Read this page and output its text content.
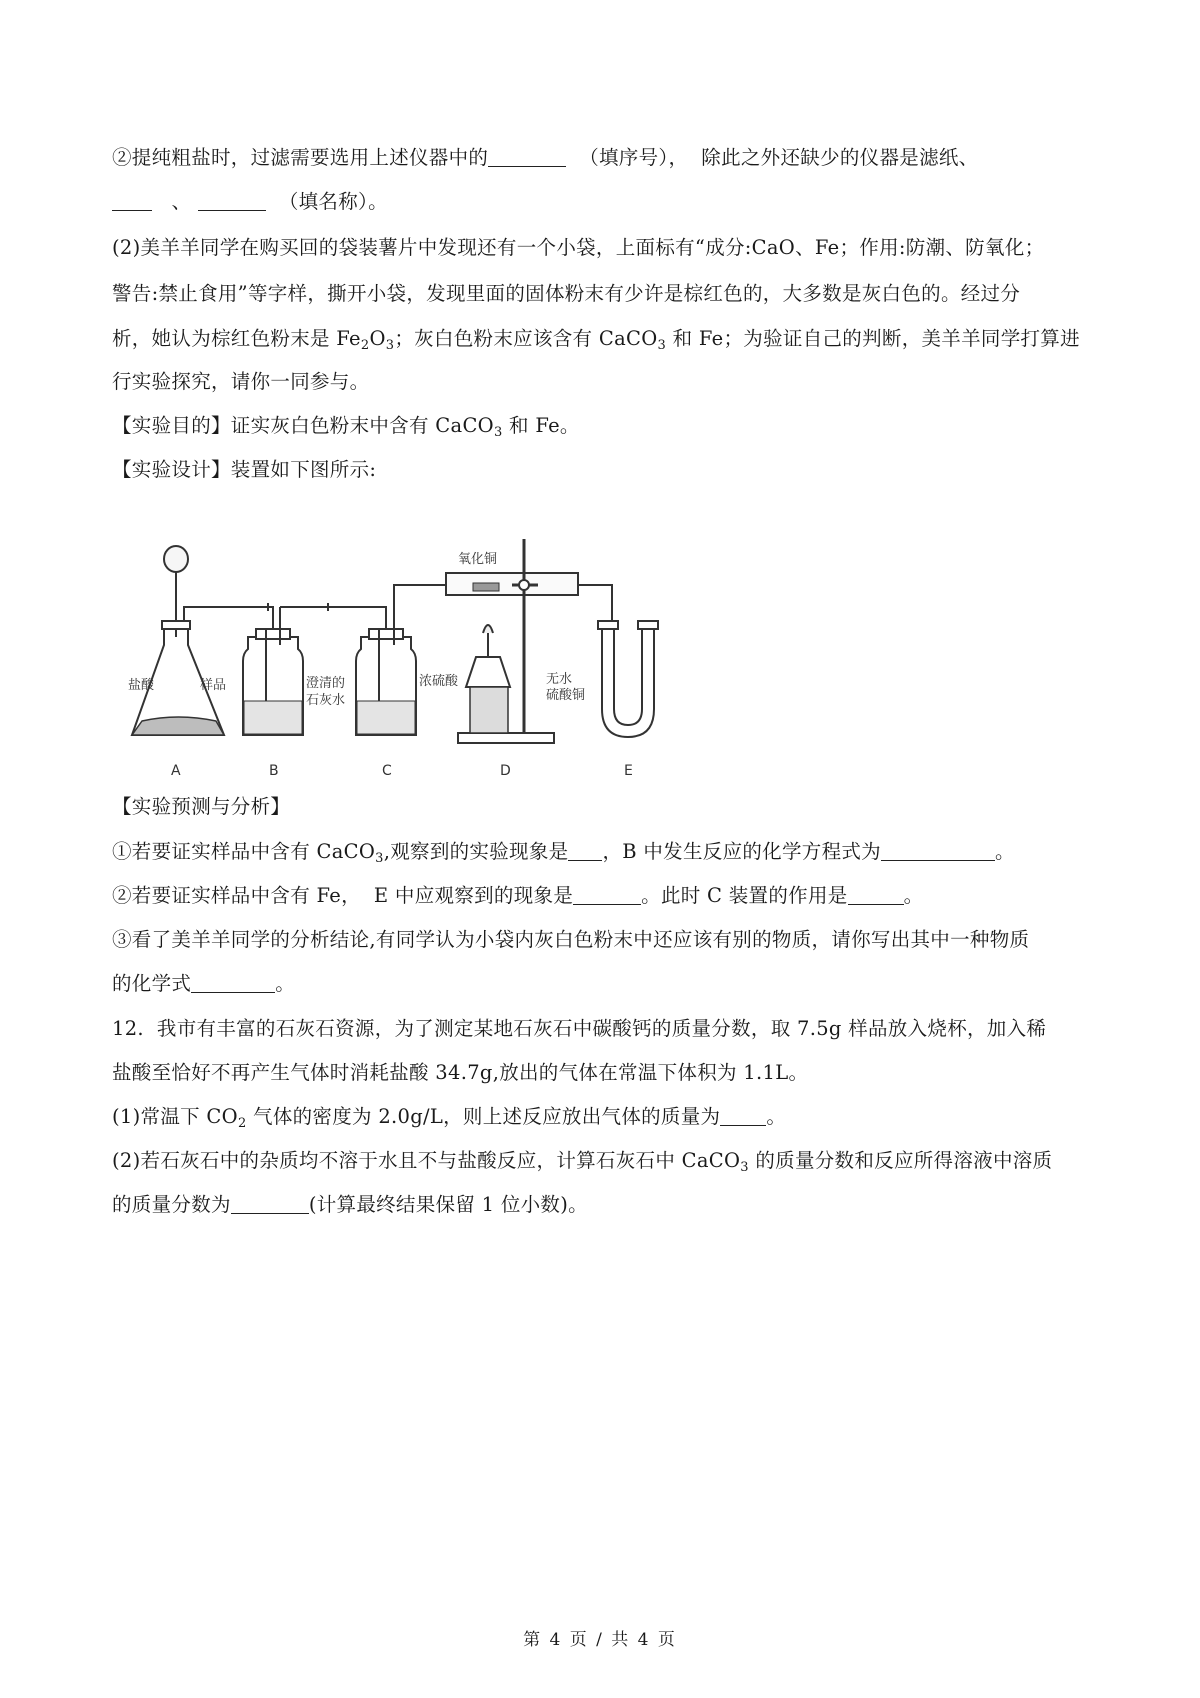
②提纯粗盐时，过滤需要选用上述仪器中的	（填序号）， 除此之外还缺少的仪器是滤纸、
、	（填名称）。
(2)美羊羊同学在购买回的袋装薯片中发现还有一个小袋，上面标有“成分:CaO、Fe；作用:防潮、防氧化；
警告:禁止食用”等字样，撕开小袋，发现里面的固体粉末有少许是棕红色的，大多数是灰白色的。经过分
析，她认为棕红色粉末是 $Fe_2O_3$；灰白色粉末应该含有 CaCO$_3$ 和 Fe；为验证自己的判断，美羊羊同学打算进
行实验探究，请你一同参与。
【实验目的】证实灰白色粉末中含有 CaCO$_3$ 和 Fe。
【实验设计】装置如下图所示:
盐酸	样品	澄清的
石灰水
浓硫酸
氧化铜
无水
硫酸铜
A	B	C	D	E
【实验预测与分析】
①若要证实样品中含有 CaCO$_3$,观察到的实验现象是 ，B 中发生反应的化学方程式为	。
②若要证实样品中含有 Fe，  E 中应观察到的现象是	。此时 C 装置的作用是	。
③看了美羊羊同学的分析结论,有同学认为小袋内灰白色粉末中还应该有别的物质，请你写出其中一种物质
的化学式	。
12.  我市有丰富的石灰石资源，为了测定某地石灰石中碳酸钙的质量分数，取 7.5g 样品放入烧杯，加入稀
盐酸至恰好不再产生气体时消耗盐酸 34.7g,放出的气体在常温下体积为 1.1L。
(1)常温下 $CO_2$ 气体的密度为 2.0g/L，则上述反应放出气体的质量为 。
(2)若石灰石中的杂质均不溶于水且不与盐酸反应，计算石灰石中 CaCO$_3$ 的质量分数和反应所得溶液中溶质
的质量分数为	(计算最终结果保留 1 位小数)。
第 4 页 / 共 4 页
